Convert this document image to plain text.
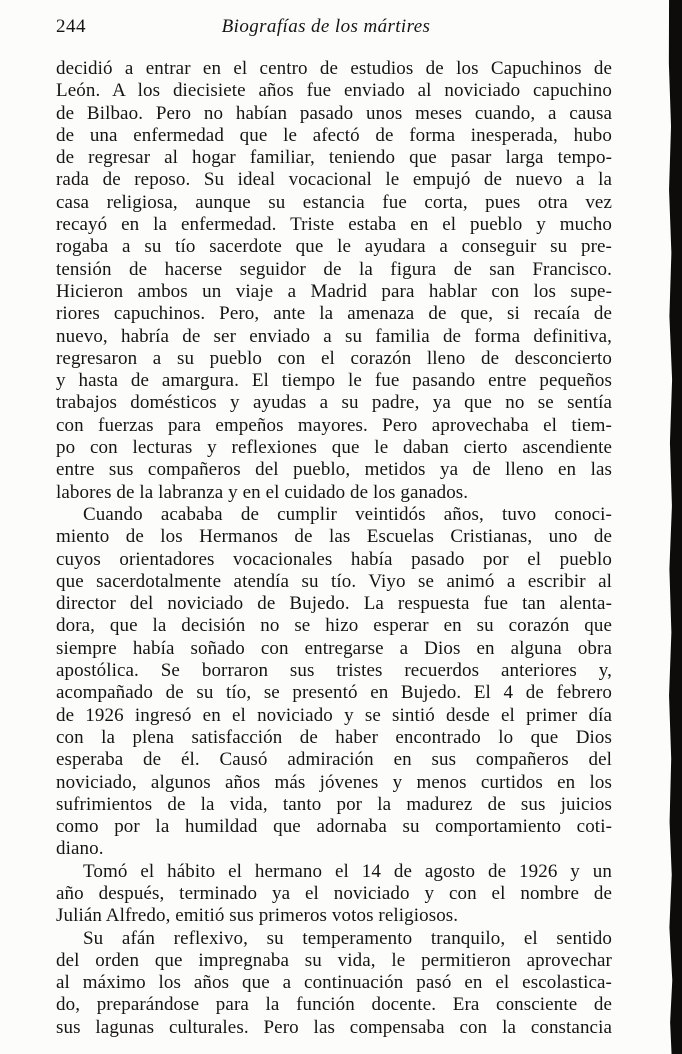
Biografías de los mártires
244
decidió a entrar en el centro de estudios de los Capuchinos de
León. A los diecisiete años fue enviado al noviciado capuchino
de Bilbao. Pero no habían pasado unos meses cuando, a causa
de una enfermedad que le afectó de forma inesperada, hubo
de regresar al hogar familiar, teniendo que pasar larga tempo-
rada de reposo. Su ideal vocacional le empujó de nuevo a la
casa religiosa, aunque su estancia fue corta, pues otra vez
recayó en la enfermedad. Triste estaba en el pueblo y mucho
rogaba a su tío sacerdote que le ayudara a conseguir su pre-
tensión de hacerse seguidor de la figura de san Francisco.
Hicieron ambos un viaje a Madrid para hablar con los supe-
riores capuchinos. Pero, ante la amenaza de que, si recaía de
nuevo, habría de ser enviado a su familia de forma definitiva,
regresaron a su pueblo con el corazón lleno de desconcierto
y hasta de amargura. El tiempo le fue pasando entre pequeños
trabajos domésticos y ayudas a su padre, ya que no se sentía
con fuerzas para empeños mayores. Pero aprovechaba el tiem-
po con lecturas y reflexiones que le daban cierto ascendiente
entre sus compañeros del pueblo, metidos ya de lleno en las
labores de la labranza y en el cuidado de los ganados.
Cuando acababa de cumplir veintidós años, tuvo conoci-
miento de los Hermanos de las Escuelas Cristianas, uno de
cuyos orientadores vocacionales había pasado por el pueblo
que sacerdotalmente atendía su tío. Viyo se animó a escribir al
director del noviciado de Bujedo. La respuesta fue tan alenta-
dora, que la decisión no se hizo esperar en su corazón que
siempre había soñado con entregarse a Dios en alguna obra
apostólica. Se borraron sus tristes recuerdos anteriores y,
acompañado de su tío, se presentó en Bujedo. El 4 de febrero
de 1926 ingresó en el noviciado y se sintió desde el primer día
con la plena satisfacción de haber encontrado lo que Dios
esperaba de él. Causó admiración en sus compañeros del
noviciado, algunos años más jóvenes y menos curtidos en los
sufrimientos de la vida, tanto por la madurez de sus juicios
como por la humildad que adornaba su comportamiento coti-
diano.
Tomó el hábito el hermano el 14 de agosto de 1926 y un
año después, terminado ya el noviciado y con el nombre de
Julián Alfredo, emitió sus primeros votos religiosos.
Su afán reflexivo, su temperamento tranquilo, el sentido
del orden que impregnaba su vida, le permitieron aprovechar
al máximo los años que a continuación pasó en el escolastica-
do, preparándose para la función docente. Era consciente de
sus lagunas culturales. Pero las compensaba con la constancia
